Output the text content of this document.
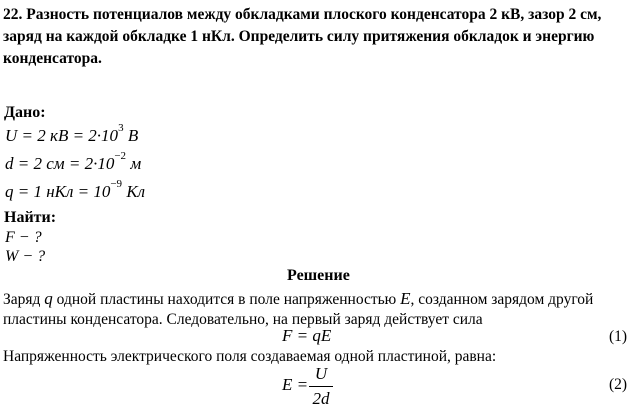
22. Разность потенциалов между обкладками плоского конденсатора 2 кВ, зазор 2 см,
заряд на каждой обкладке 1 нКл. Определить силу притяжения обкладок и энергию
конденсатора.
Дано:
U = 2 кВ = $2\cdot 10^3$ В
d = 2 см = $2\cdot 10^{-2}$ м
q = 1 нКл = $10^{-9}$ Кл
Найти:
F − ?
W − ?
Решение
Заряд q одной пластины находится в поле напряженностью E, созданном зарядом другой
пластины конденсатора. Следовательно, на первый заряд действует сила
F = qE	(1)
Напряженность электрического поля создаваемая одной пластиной, равна:
E =
U
2d
(2)
